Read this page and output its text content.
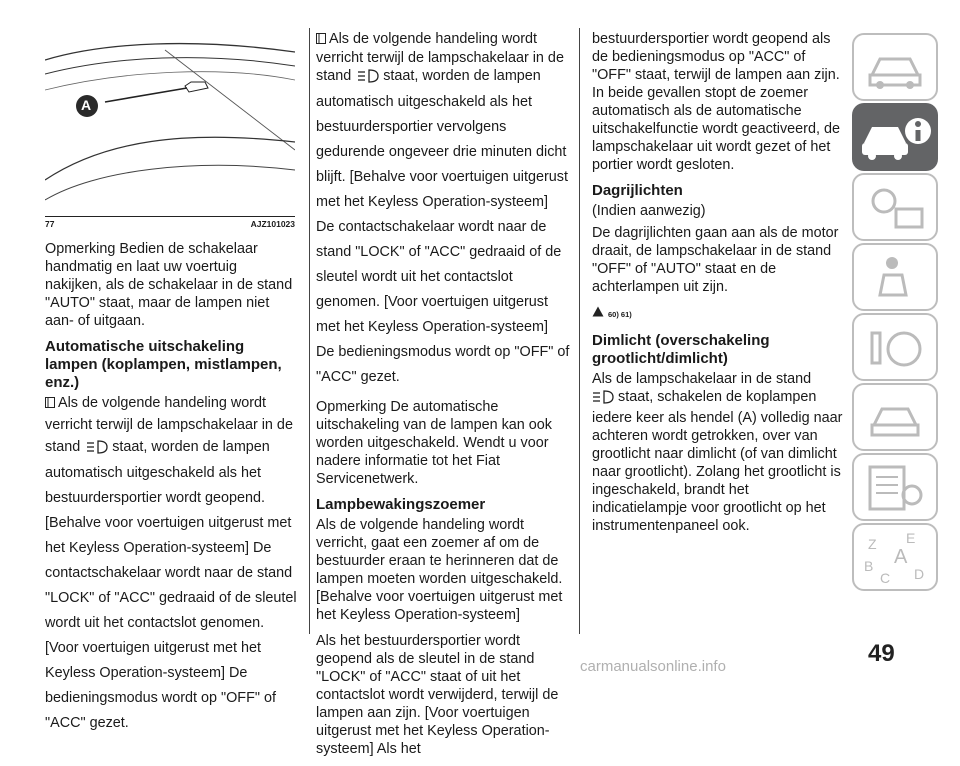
A
77	AJZ101023

Opmerking Bedien de schakelaar handmatig en laat uw voertuig nakijken, als de schakelaar in de stand "AUTO" staat, maar de lampen niet aan- of uitgaan.

Automatische uitschakeling lampen (koplampen, mistlampen, enz.)
Als de volgende handeling wordt
verricht terwijl de lampschakelaar in de
stand staat, worden de lampen
automatisch uitgeschakeld als het bestuurdersportier wordt geopend. [Behalve voor voertuigen uitgerust met het Keyless Operation-systeem] De contactschakelaar wordt naar de stand "LOCK" of "ACC" gedraaid of de sleutel wordt uit het contactslot genomen. [Voor voertuigen uitgerust met het Keyless Operation-systeem] De bedieningsmodus wordt op "OFF" of "ACC" gezet.
Als de volgende handeling wordt
verricht terwijl de lampschakelaar in de
stand staat, worden de lampen
automatisch uitgeschakeld als het bestuurdersportier vervolgens gedurende ongeveer drie minuten dicht blijft. [Behalve voor voertuigen uitgerust met het Keyless Operation-systeem] De contactschakelaar wordt naar de stand "LOCK" of "ACC" gedraaid of de sleutel wordt uit het contactslot genomen. [Voor voertuigen uitgerust met het Keyless Operation-systeem] De bedieningsmodus wordt op "OFF" of "ACC" gezet.

Opmerking De automatische uitschakeling van de lampen kan ook worden uitgeschakeld. Wendt u voor nadere informatie tot het Fiat Servicenetwerk.

Lampbewakingszoemer

Als de volgende handeling wordt verricht, gaat een zoemer af om de bestuurder eraan te herinneren dat de lampen moeten worden uitgeschakeld. [Behalve voor voertuigen uitgerust met het Keyless Operation-systeem]

Als het bestuurdersportier wordt geopend als de sleutel in de stand "LOCK" of "ACC" staat of uit het contactslot wordt verwijderd, terwijl de lampen aan zijn. [Voor voertuigen uitgerust met het Keyless Operation-systeem] Als het

bestuurdersportier wordt geopend als de bedieningsmodus op "ACC" of "OFF" staat, terwijl de lampen aan zijn. In beide gevallen stopt de zoemer automatisch als de automatische uitschakelfunctie wordt geactiveerd, de lampschakelaar uit wordt gezet of het portier wordt gesloten.

Dagrijlichten

(Indien aanwezig)

De dagrijlichten gaan aan als de motor draait, de lampschakelaar in de stand "OFF" of "AUTO" staat en de achterlampen uit zijn.

60) 61)

Dimlicht (overschakeling grootlicht/dimlicht)
Als de lampschakelaar in de stand
staat, schakelen de koplampen
iedere keer als hendel (A) volledig naar achteren wordt getrokken, over van grootlicht naar dimlicht (of van dimlicht naar grootlicht). Zolang het grootlicht is ingeschakeld, brandt het indicatielampje voor grootlicht op het instrumentenpaneel ook.
Z E
A
B
C D
49
carmanualsonline.info
